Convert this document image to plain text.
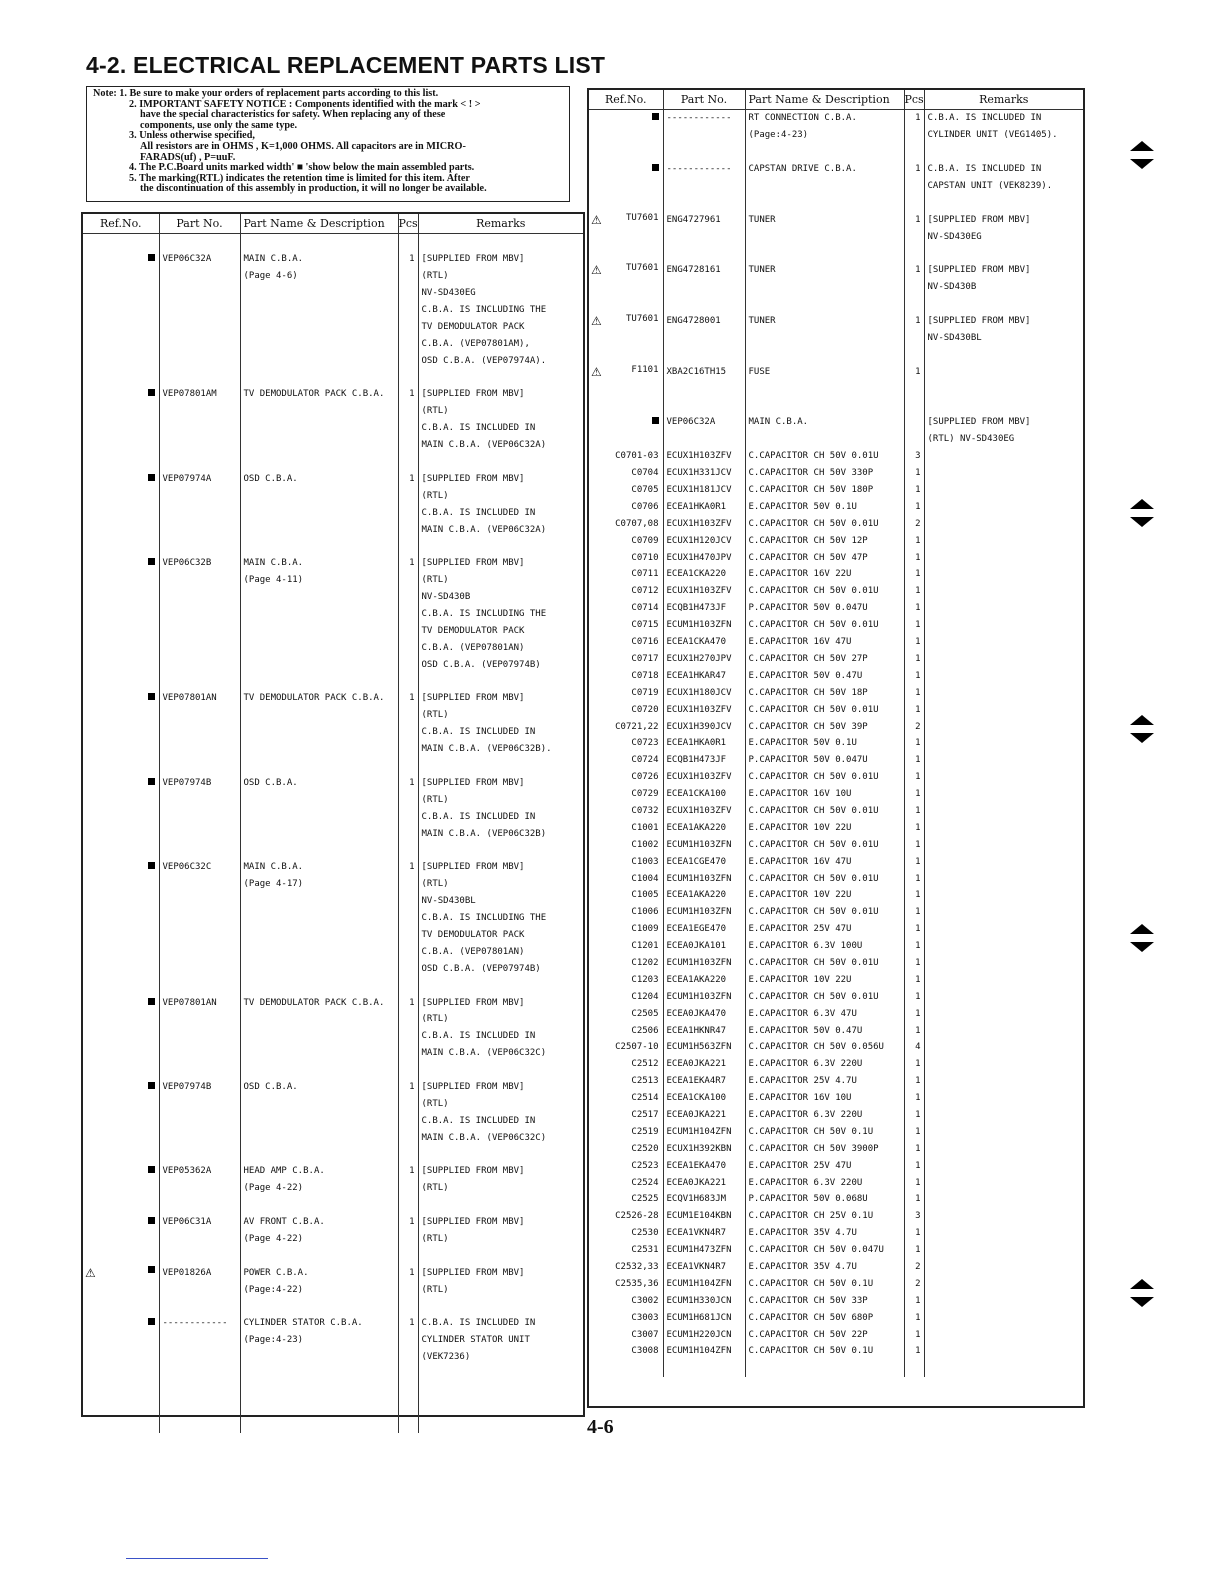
4-2. ELECTRICAL REPLACEMENT PARTS LIST
Note: 1. Be sure to make your orders of replacement parts according to this list.
2. IMPORTANT SAFETY NOTICE : Components identified with the mark < ! >
have the special characteristics for safety. When replacing any of these
components, use only the same type.
3. Unless otherwise specified,
All resistors are in OHMS , K=1,000 OHMS. All capacitors are in MICRO-
FARADS(uf) , P=uuF.
4. The P.C.Board units marked width' ■ 'show below the main assembled parts.
5. The marking(RTL) indicates the retention time is limited for this item. After
the discontinuation of this assembly in production, it will no longer be available.
Ref.No.	Part No.	Part Name & Description	Pcs	Remarks

	VEP06C32A	MAIN C.B.A.	1	[SUPPLIED FROM MBV]
		(Page 4-6)		(RTL)
				NV-SD430EG
				C.B.A. IS INCLUDING THE
				TV DEMODULATOR PACK
				C.B.A. (VEP07801AM),
				OSD C.B.A. (VEP07974A).

	VEP07801AM	TV DEMODULATOR PACK C.B.A.	1	[SUPPLIED FROM MBV]
				(RTL)
				C.B.A. IS INCLUDED IN
				MAIN C.B.A. (VEP06C32A)

	VEP07974A	OSD C.B.A.	1	[SUPPLIED FROM MBV]
				(RTL)
				C.B.A. IS INCLUDED IN
				MAIN C.B.A. (VEP06C32A)

	VEP06C32B	MAIN C.B.A.	1	[SUPPLIED FROM MBV]
		(Page 4-11)		(RTL)
				NV-SD430B
				C.B.A. IS INCLUDING THE
				TV DEMODULATOR PACK
				C.B.A. (VEP07801AN)
				OSD C.B.A. (VEP07974B)

	VEP07801AN	TV DEMODULATOR PACK C.B.A.	1	[SUPPLIED FROM MBV]
				(RTL)
				C.B.A. IS INCLUDED IN
				MAIN C.B.A. (VEP06C32B).

	VEP07974B	OSD C.B.A.	1	[SUPPLIED FROM MBV]
				(RTL)
				C.B.A. IS INCLUDED IN
				MAIN C.B.A. (VEP06C32B)

	VEP06C32C	MAIN C.B.A.	1	[SUPPLIED FROM MBV]
		(Page 4-17)		(RTL)
				NV-SD430BL
				C.B.A. IS INCLUDING THE
				TV DEMODULATOR PACK
				C.B.A. (VEP07801AN)
				OSD C.B.A. (VEP07974B)

	VEP07801AN	TV DEMODULATOR PACK C.B.A.	1	[SUPPLIED FROM MBV]
				(RTL)
				C.B.A. IS INCLUDED IN
				MAIN C.B.A. (VEP06C32C)

	VEP07974B	OSD C.B.A.	1	[SUPPLIED FROM MBV]
				(RTL)
				C.B.A. IS INCLUDED IN
				MAIN C.B.A. (VEP06C32C)

	VEP05362A	HEAD AMP C.B.A.	1	[SUPPLIED FROM MBV]
		(Page 4-22)		(RTL)

	VEP06C31A	AV FRONT C.B.A.	1	[SUPPLIED FROM MBV]
		(Page 4-22)		(RTL)

⚠	VEP01826A	POWER C.B.A.	1	[SUPPLIED FROM MBV]
		(Page:4-22)		(RTL)

	------------	CYLINDER STATOR C.B.A.	1	C.B.A. IS INCLUDED IN
		(Page:4-23)		CYLINDER STATOR UNIT
				(VEK7236)

Ref.No.	Part No.	Part Name & Description	Pcs	Remarks
	------------	RT CONNECTION C.B.A.	1	C.B.A. IS INCLUDED IN
		(Page:4-23)		CYLINDER UNIT (VEG1405).

	------------	CAPSTAN DRIVE C.B.A.	1	C.B.A. IS INCLUDED IN
				CAPSTAN UNIT (VEK8239).

⚠ TU7601	ENG4727961	TUNER	1	[SUPPLIED FROM MBV]
				NV-SD430EG

⚠ TU7601	ENG4728161	TUNER	1	[SUPPLIED FROM MBV]
				NV-SD430B

⚠ TU7601	ENG4728001	TUNER	1	[SUPPLIED FROM MBV]
				NV-SD430BL

⚠ F1101	XBA2C16TH15	FUSE	1	

	VEP06C32A	MAIN C.B.A.		[SUPPLIED FROM MBV]
				(RTL) NV-SD430EG
C0701-03	ECUX1H103ZFV	C.CAPACITOR CH 50V 0.01U	3	
C0704	ECUX1H331JCV	C.CAPACITOR CH 50V 330P	1	
C0705	ECUX1H181JCV	C.CAPACITOR CH 50V 180P	1	
C0706	ECEA1HKA0R1	E.CAPACITOR 50V 0.1U	1	
C0707,08	ECUX1H103ZFV	C.CAPACITOR CH 50V 0.01U	2	
C0709	ECUX1H120JCV	C.CAPACITOR CH 50V 12P	1	
C0710	ECUX1H470JPV	C.CAPACITOR CH 50V 47P	1	
C0711	ECEA1CKA220	E.CAPACITOR 16V 22U	1	
C0712	ECUX1H103ZFV	C.CAPACITOR CH 50V 0.01U	1	
C0714	ECQB1H473JF	P.CAPACITOR 50V 0.047U	1	
C0715	ECUM1H103ZFN	C.CAPACITOR CH 50V 0.01U	1	
C0716	ECEA1CKA470	E.CAPACITOR 16V 47U	1	
C0717	ECUX1H270JPV	C.CAPACITOR CH 50V 27P	1	
C0718	ECEA1HKAR47	E.CAPACITOR 50V 0.47U	1	
C0719	ECUX1H180JCV	C.CAPACITOR CH 50V 18P	1	
C0720	ECUX1H103ZFV	C.CAPACITOR CH 50V 0.01U	1	
C0721,22	ECUX1H390JCV	C.CAPACITOR CH 50V 39P	2	
C0723	ECEA1HKA0R1	E.CAPACITOR 50V 0.1U	1	
C0724	ECQB1H473JF	P.CAPACITOR 50V 0.047U	1	
C0726	ECUX1H103ZFV	C.CAPACITOR CH 50V 0.01U	1	
C0729	ECEA1CKA100	E.CAPACITOR 16V 10U	1	
C0732	ECUX1H103ZFV	C.CAPACITOR CH 50V 0.01U	1	
C1001	ECEA1AKA220	E.CAPACITOR 10V 22U	1	
C1002	ECUM1H103ZFN	C.CAPACITOR CH 50V 0.01U	1	
C1003	ECEA1CGE470	E.CAPACITOR 16V 47U	1	
C1004	ECUM1H103ZFN	C.CAPACITOR CH 50V 0.01U	1	
C1005	ECEA1AKA220	E.CAPACITOR 10V 22U	1	
C1006	ECUM1H103ZFN	C.CAPACITOR CH 50V 0.01U	1	
C1009	ECEA1EGE470	E.CAPACITOR 25V 47U	1	
C1201	ECEA0JKA101	E.CAPACITOR 6.3V 100U	1	
C1202	ECUM1H103ZFN	C.CAPACITOR CH 50V 0.01U	1	
C1203	ECEA1AKA220	E.CAPACITOR 10V 22U	1	
C1204	ECUM1H103ZFN	C.CAPACITOR CH 50V 0.01U	1	
C2505	ECEA0JKA470	E.CAPACITOR 6.3V 47U	1	
C2506	ECEA1HKNR47	E.CAPACITOR 50V 0.47U	1	
C2507-10	ECUM1H563ZFN	C.CAPACITOR CH 50V 0.056U	4	
C2512	ECEA0JKA221	E.CAPACITOR 6.3V 220U	1	
C2513	ECEA1EKA4R7	E.CAPACITOR 25V 4.7U	1	
C2514	ECEA1CKA100	E.CAPACITOR 16V 10U	1	
C2517	ECEA0JKA221	E.CAPACITOR 6.3V 220U	1	
C2519	ECUM1H104ZFN	C.CAPACITOR CH 50V 0.1U	1	
C2520	ECUX1H392KBN	C.CAPACITOR CH 50V 3900P	1	
C2523	ECEA1EKA470	E.CAPACITOR 25V 47U	1	
C2524	ECEA0JKA221	E.CAPACITOR 6.3V 220U	1	
C2525	ECQV1H683JM	P.CAPACITOR 50V 0.068U	1	
C2526-28	ECUM1E104KBN	C.CAPACITOR CH 25V 0.1U	3	
C2530	ECEA1VKN4R7	E.CAPACITOR 35V 4.7U	1	
C2531	ECUM1H473ZFN	C.CAPACITOR CH 50V 0.047U	1	
C2532,33	ECEA1VKN4R7	E.CAPACITOR 35V 4.7U	2	
C2535,36	ECUM1H104ZFN	C.CAPACITOR CH 50V 0.1U	2	
C3002	ECUM1H330JCN	C.CAPACITOR CH 50V 33P	1	
C3003	ECUM1H681JCN	C.CAPACITOR CH 50V 680P	1	
C3007	ECUM1H220JCN	C.CAPACITOR CH 50V 22P	1	
C3008	ECUM1H104ZFN	C.CAPACITOR CH 50V 0.1U	1	

4-6
